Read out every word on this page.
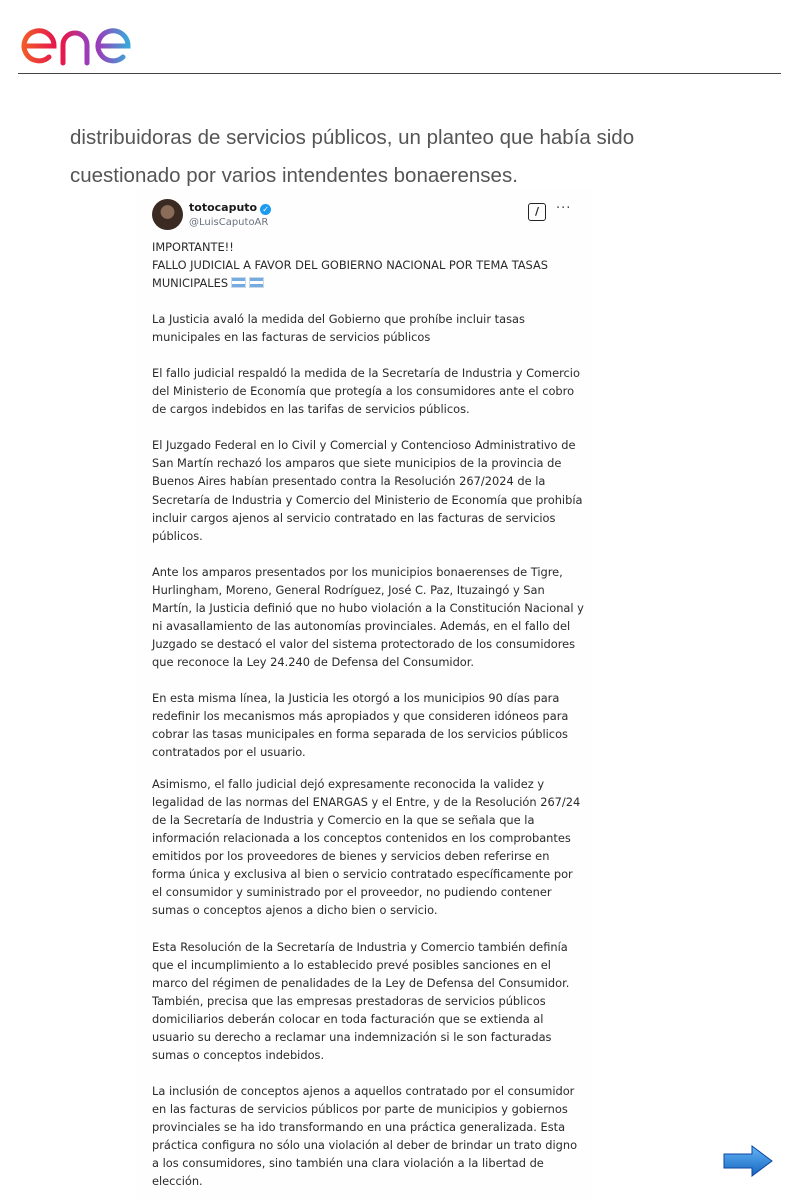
distribuidoras de servicios públicos, un planteo que había sido cuestionado por varios intendentes bonaerenses.

totocaputo ✓
@LuisCaputoAR
/	···

IMPORTANTE!!

FALLO JUDICIAL A FAVOR DEL GOBIERNO NACIONAL POR TEMA TASAS MUNICIPALES

La Justicia avaló la medida del Gobierno que prohíbe incluir tasas municipales en las facturas de servicios públicos

El fallo judicial respaldó la medida de la Secretaría de Industria y Comercio del Ministerio de Economía que protegía a los consumidores ante el cobro de cargos indebidos en las tarifas de servicios públicos.

El Juzgado Federal en lo Civil y Comercial y Contencioso Administrativo de San Martín rechazó los amparos que siete municipios de la provincia de Buenos Aires habían presentado contra la Resolución 267/2024 de la Secretaría de Industria y Comercio del Ministerio de Economía que prohibía incluir cargos ajenos al servicio contratado en las facturas de servicios públicos.

Ante los amparos presentados por los municipios bonaerenses de Tigre, Hurlingham, Moreno, General Rodríguez, José C. Paz, Ituzaingó y San Martín, la Justicia definió que no hubo violación a la Constitución Nacional y ni avasallamiento de las autonomías provinciales. Además, en el fallo del Juzgado se destacó el valor del sistema protectorado de los consumidores que reconoce la Ley 24.240 de Defensa del Consumidor.

En esta misma línea, la Justicia les otorgó a los municipios 90 días para redefinir los mecanismos más apropiados y que consideren idóneos para cobrar las tasas municipales en forma separada de los servicios públicos contratados por el usuario.

Asimismo, el fallo judicial dejó expresamente reconocida la validez y legalidad de las normas del ENARGAS y el Entre, y de la Resolución 267/24 de la Secretaría de Industria y Comercio en la que se señala que la información relacionada a los conceptos contenidos en los comprobantes emitidos por los proveedores de bienes y servicios deben referirse en forma única y exclusiva al bien o servicio contratado específicamente por el consumidor y suministrado por el proveedor, no pudiendo contener sumas o conceptos ajenos a dicho bien o servicio.

Esta Resolución de la Secretaría de Industria y Comercio también definía que el incumplimiento a lo establecido prevé posibles sanciones en el marco del régimen de penalidades de la Ley de Defensa del Consumidor. También, precisa que las empresas prestadoras de servicios públicos domiciliarios deberán colocar en toda facturación que se extienda al usuario su derecho a reclamar una indemnización si le son facturadas sumas o conceptos indebidos.

La inclusión de conceptos ajenos a aquellos contratado por el consumidor en las facturas de servicios públicos por parte de municipios y gobiernos provinciales se ha ido transformando en una práctica generalizada. Esta práctica configura no sólo una violación al deber de brindar un trato digno a los consumidores, sino también una clara violación a la libertad de elección.
